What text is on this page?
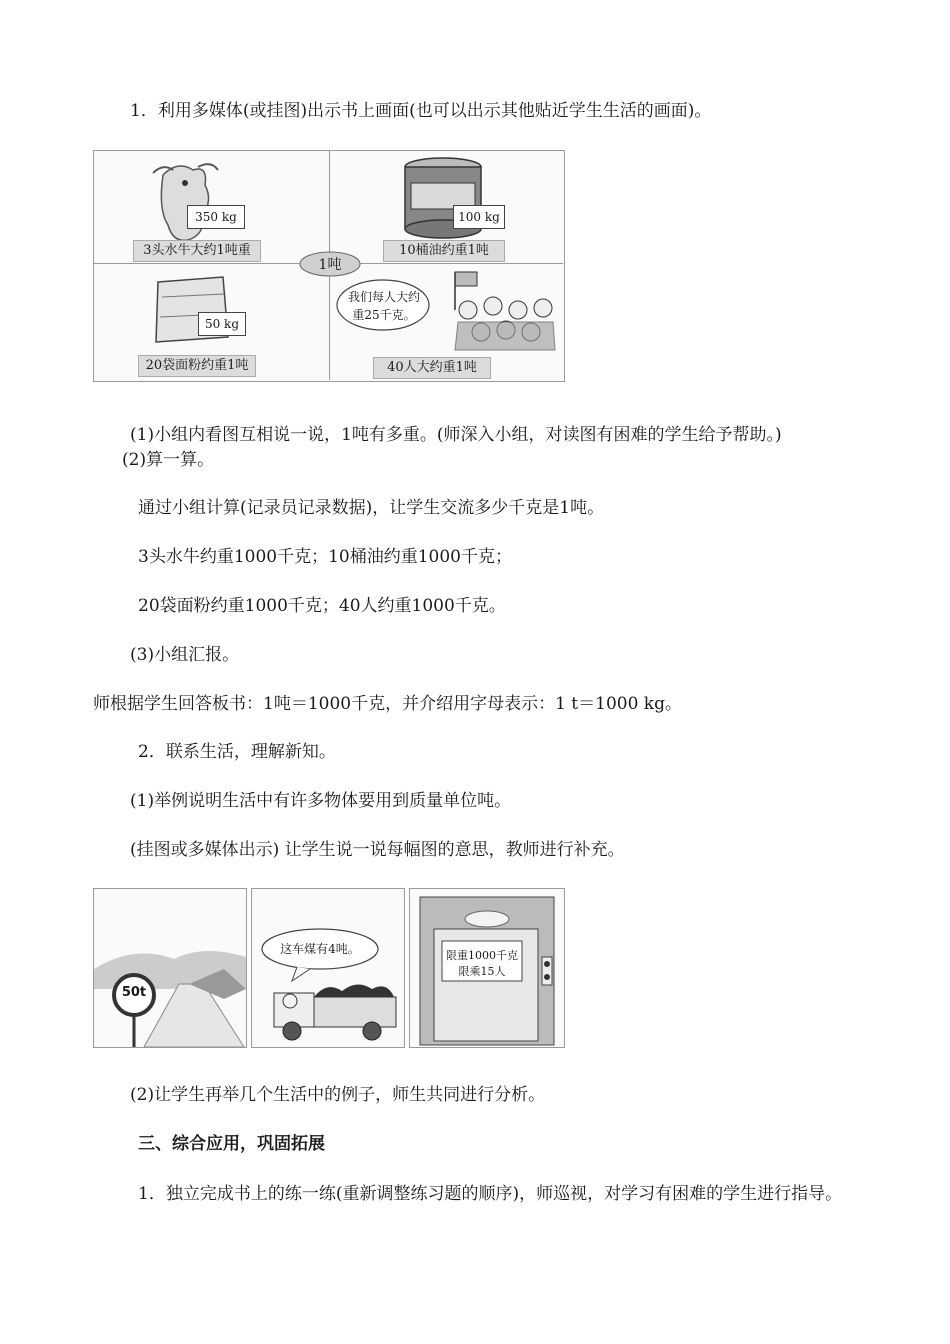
1．利用多媒体(或挂图)出示书上画面(也可以出示其他贴近学生生活的画面)。
350 kg
3头水牛大约1吨重
100 kg
10桶油约重1吨
1吨
50 kg
20袋面粉约重1吨
我们每人大约重25千克。
40人大约重1吨
(1)小组内看图互相说一说，1吨有多重。(师深入小组，对读图有困难的学生给予帮助。)
(2)算一算。
通过小组计算(记录员记录数据)，让学生交流多少千克是1吨。
3头水牛约重1000千克；10桶油约重1000千克；
20袋面粉约重1000千克；40人约重1000千克。
(3)小组汇报。
师根据学生回答板书：1吨＝1000千克，并介绍用字母表示：1 t＝1000 kg。
2．联系生活，理解新知。
(1)举例说明生活中有许多物体要用到质量单位吨。
(挂图或多媒体出示) 让学生说一说每幅图的意思，教师进行补充。
50t
这车煤有4吨。	限重1000千克
限乘15人
(2)让学生再举几个生活中的例子，师生共同进行分析。
三、综合应用，巩固拓展
1．独立完成书上的练一练(重新调整练习题的顺序)，师巡视，对学习有困难的学生进行指导。
